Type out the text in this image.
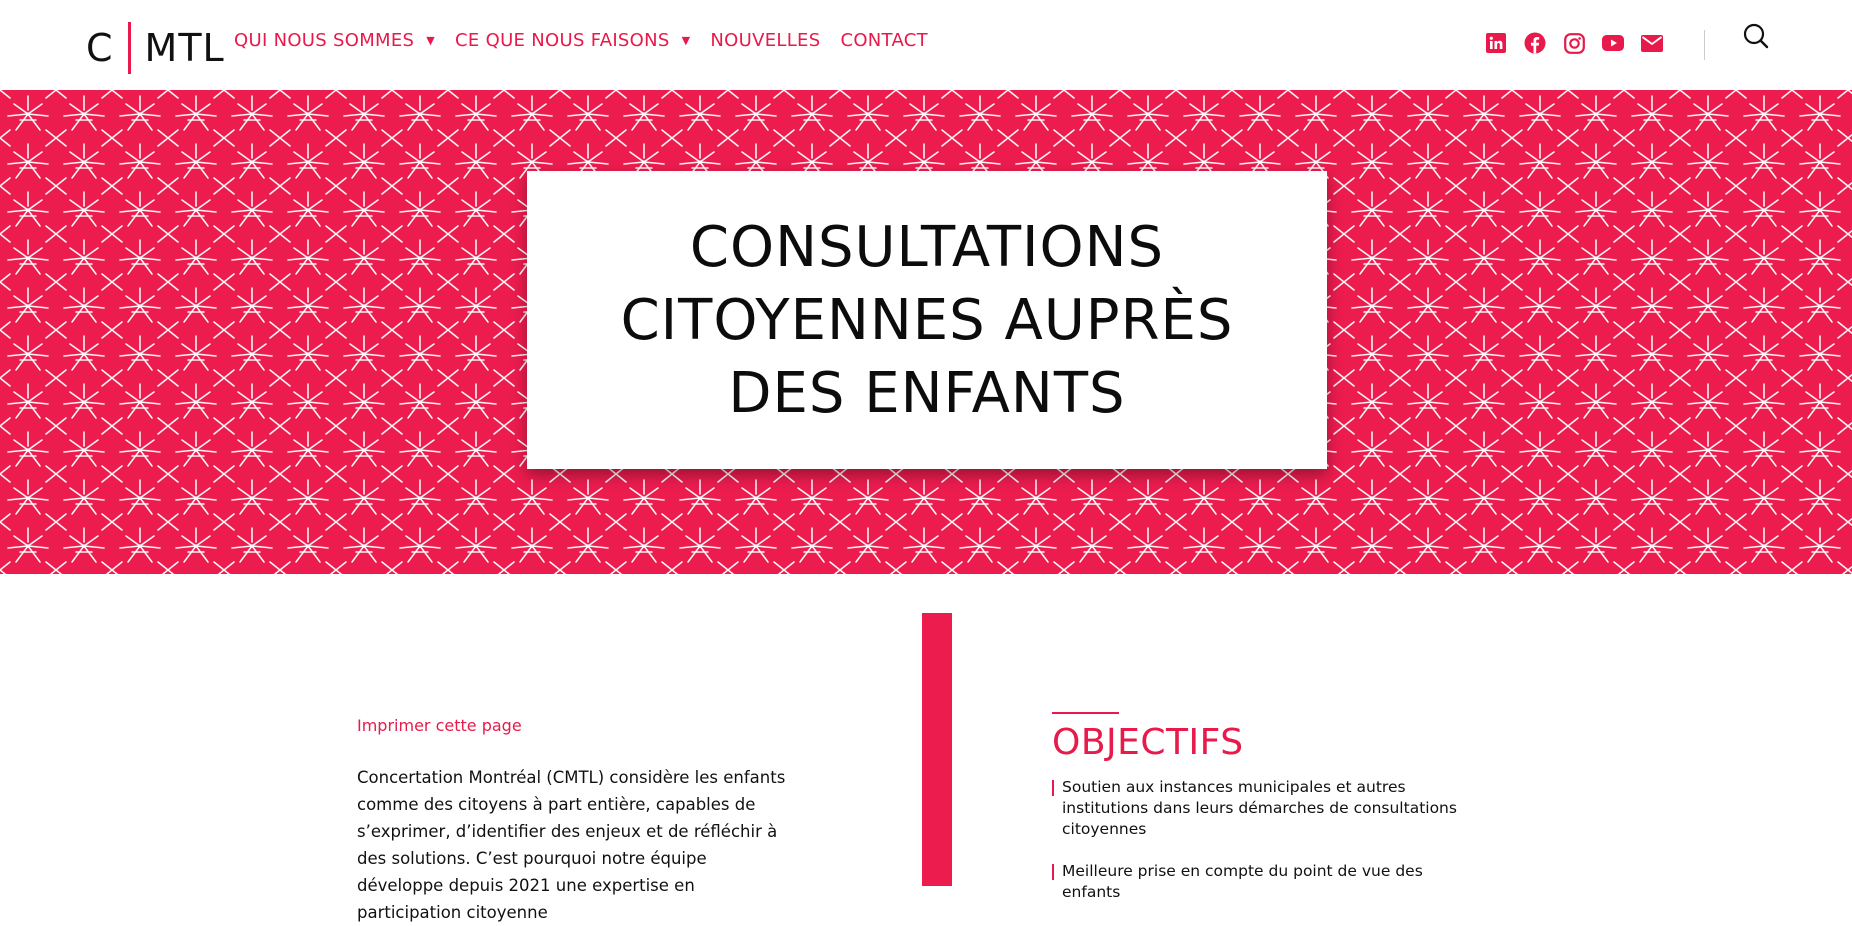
C MTL QUI NOUS SOMMES ▼ CE QUE NOUS FAISONS ▼ NOUVELLES CONTACT
CONSULTATIONS CITOYENNES AUPRÈS DES ENFANTS
Imprimer cette page

Concertation Montréal (CMTL) considère les enfants comme des citoyens à part entière, capables de s’exprimer, d’identifier des enjeux et de réfléchir à des solutions. C’est pourquoi notre équipe développe depuis 2021 une expertise en participation citoyenne

OBJECTIFS
Soutien aux instances municipales et autres institutions dans leurs démarches de consultations citoyennes
Meilleure prise en compte du point de vue des enfants
